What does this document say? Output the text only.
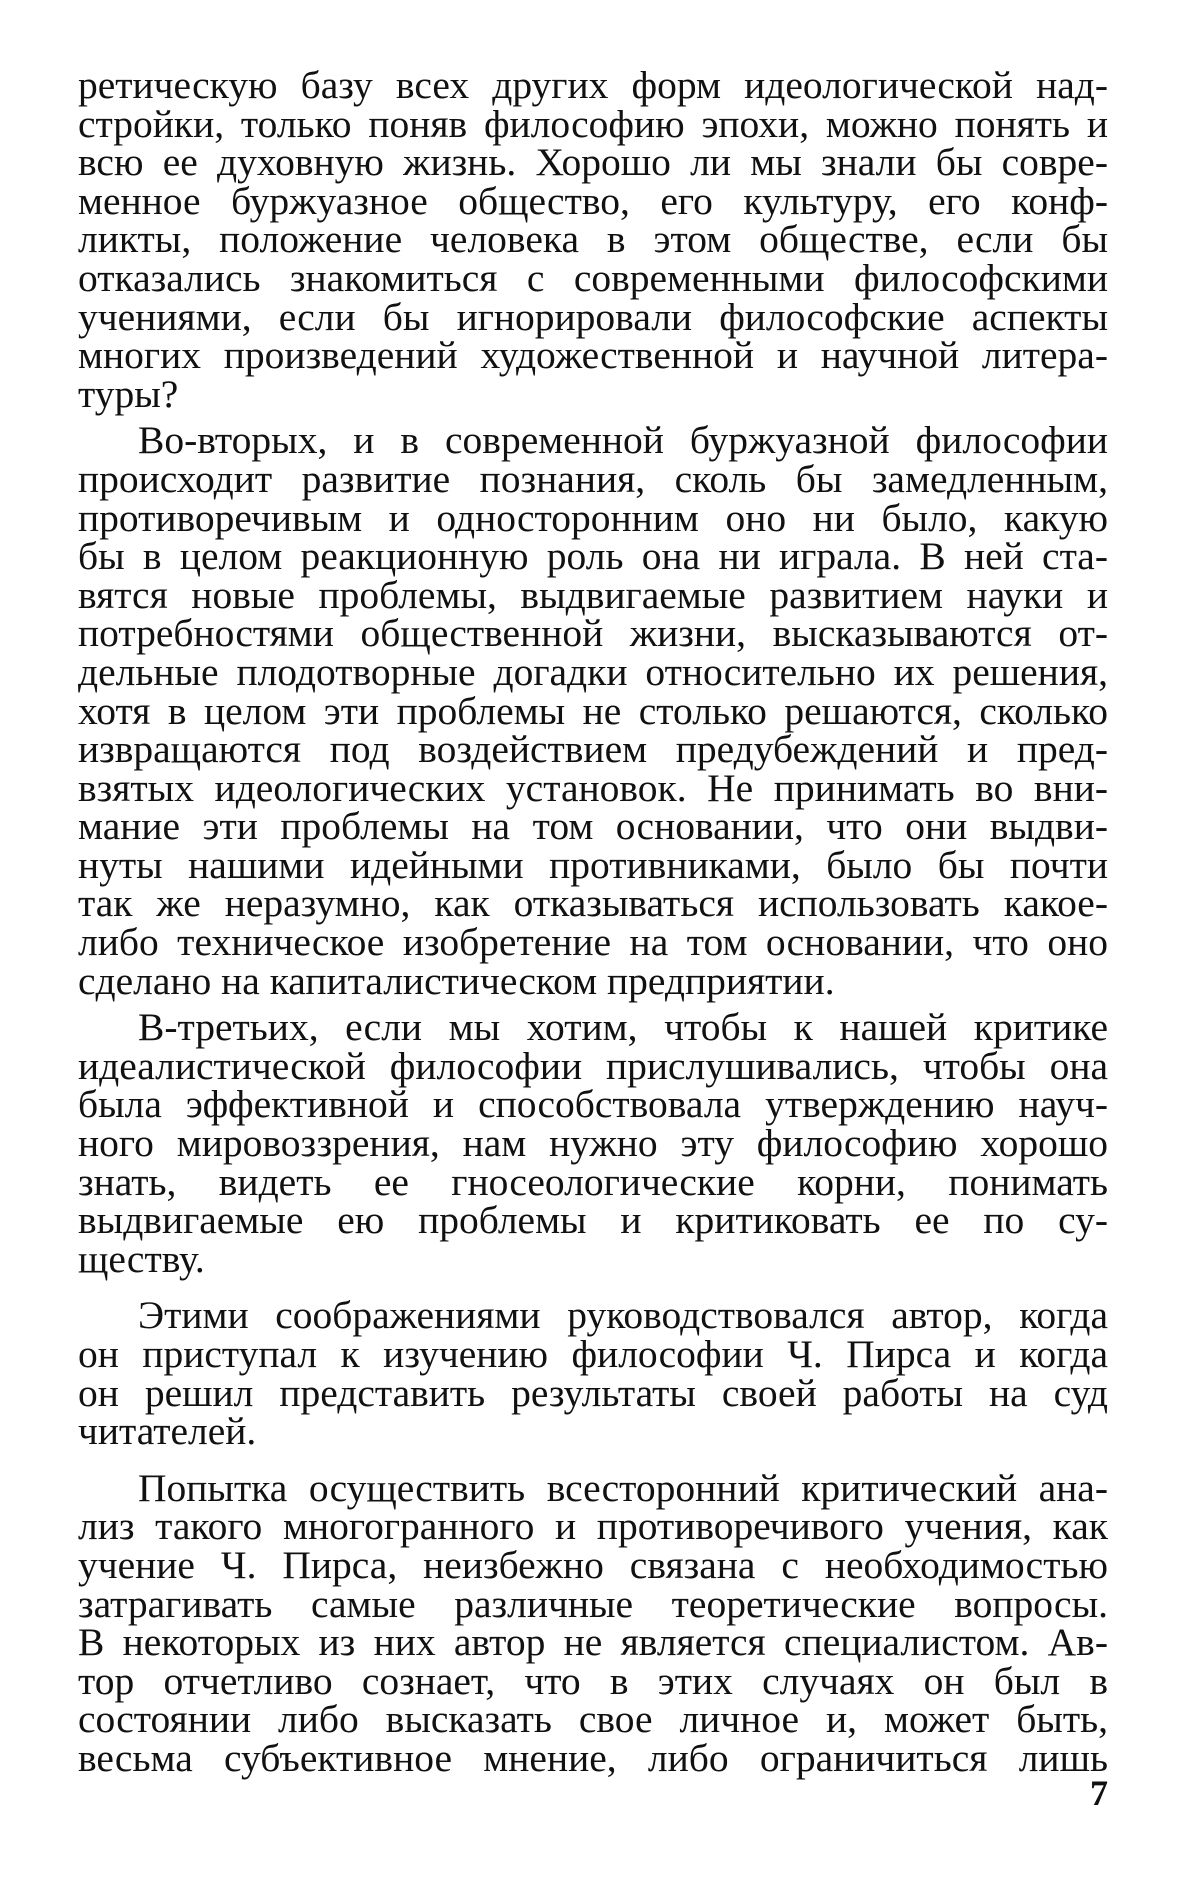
ретическую базу всех других форм идеологической над-
стройки, только поняв философию эпохи, можно понять и
всю ее духовную жизнь. Хорошо ли мы знали бы совре-
менное буржуазное общество, его культуру, его конф-
ликты, положение человека в этом обществе, если бы
отказались знакомиться с современными философскими
учениями, если бы игнорировали философские аспекты
многих произведений художественной и научной литера-
туры?
Во-вторых, и в современной буржуазной философии
происходит развитие познания, сколь бы замедленным,
противоречивым и односторонним оно ни было, какую
бы в целом реакционную роль она ни играла. В ней ста-
вятся новые проблемы, выдвигаемые развитием науки и
потребностями общественной жизни, высказываются от-
дельные плодотворные догадки относительно их решения,
хотя в целом эти проблемы не столько решаются, сколько
извращаются под воздействием предубеждений и пред-
взятых идеологических установок. Не принимать во вни-
мание эти проблемы на том основании, что они выдви-
нуты нашими идейными противниками, было бы почти
так же неразумно, как отказываться использовать какое-
либо техническое изобретение на том основании, что оно
сделано на капиталистическом предприятии.
В-третьих, если мы хотим, чтобы к нашей критике
идеалистической философии прислушивались, чтобы она
была эффективной и способствовала утверждению науч-
ного мировоззрения, нам нужно эту философию хорошо
знать, видеть ее гносеологические корни, понимать
выдвигаемые ею проблемы и критиковать ее по су-
ществу.
Этими соображениями руководствовался автор, когда
он приступал к изучению философии Ч. Пирса и когда
он решил представить результаты своей работы на суд
читателей.
Попытка осуществить всесторонний критический ана-
лиз такого многогранного и противоречивого учения, как
учение Ч. Пирса, неизбежно связана с необходимостью
затрагивать самые различные теоретические вопросы.
В некоторых из них автор не является специалистом. Ав-
тор отчетливо сознает, что в этих случаях он был в
состоянии либо высказать свое личное и, может быть,
весьма субъективное мнение, либо ограничиться лишь
7
